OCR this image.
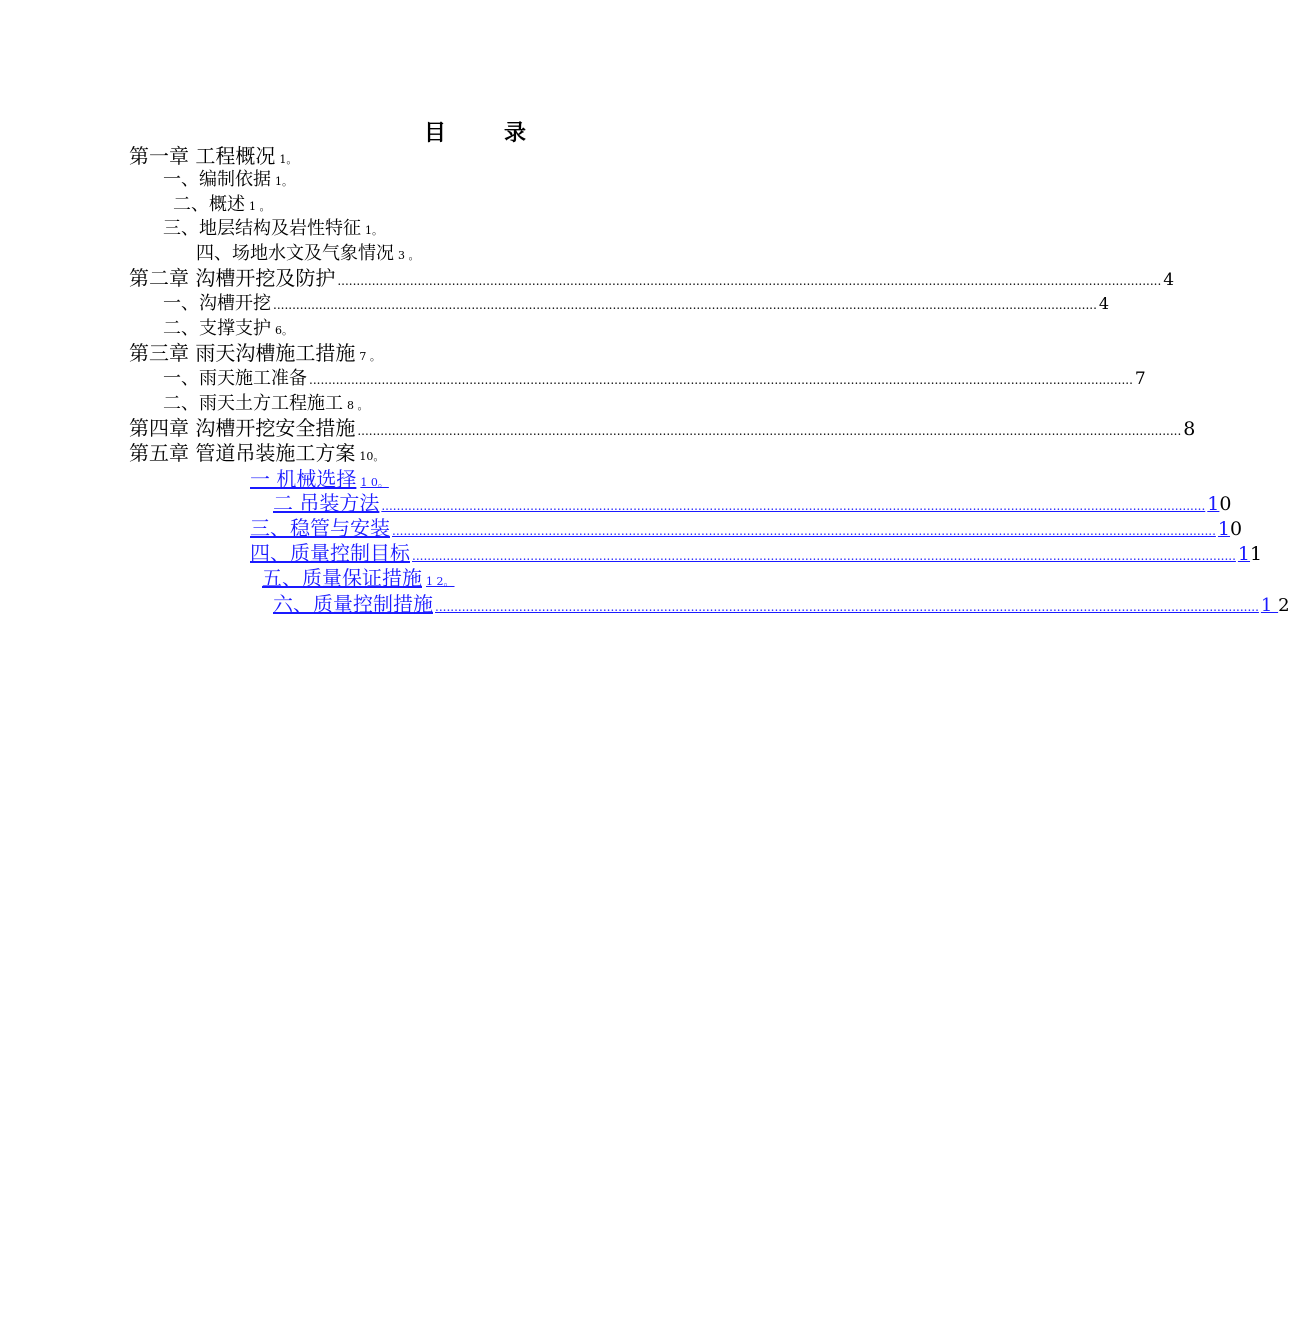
目	录
第一章 工程概况 1。
一、编制依据 1。
二、概述 1 。
三、地层结构及岩性特征 1。
四、场地水文及气象情况 3 。
第二章 沟槽开挖及防护 ........................................................................................................................................................................................................................ 4
一、沟槽开挖 ........................................................................................................................................................................................................................ 4
二、支撑支护 6。
第三章 雨天沟槽施工措施 7 。
一、雨天施工准备 ........................................................................................................................................................................................................................ 7
二、雨天土方工程施工 8 。
第四章 沟槽开挖安全措施 ........................................................................................................................................................................................................................ 8
第五章 管道吊装施工方案 10。
一 机械选择 1 0。
二 吊装方法 ........................................................................................................................................................................................................................ 10
三、稳管与安装 ........................................................................................................................................................................................................................ 10
四、质量控制目标 ........................................................................................................................................................................................................................ 11
五、质量保证措施 1 2。
六、质量控制措施 ........................................................................................................................................................................................................................ 1 2
